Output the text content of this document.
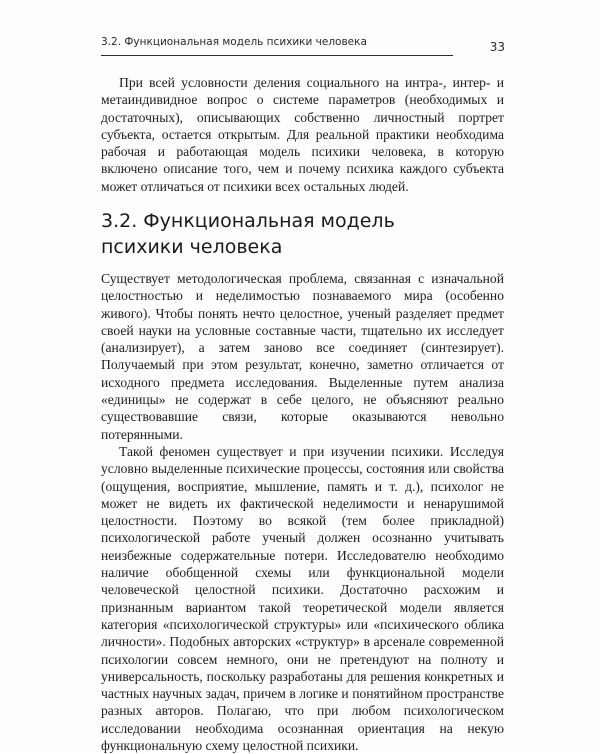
3.2. Функциональная модель психики человека	33

При всей условности деления социального на интра-, интер- и метаиндивидное вопрос о системе параметров (необходимых и достаточных), описывающих собственно личностный портрет субъекта, остается открытым. Для реальной практики необходима рабочая и работающая модель психики человека, в которую включено описание того, чем и почему психика каждого субъекта может отличаться от психики всех остальных людей.

3.2. Функциональная модель
психики человека

Существует методологическая проблема, связанная с изначальной целостностью и неделимостью познаваемого мира (особенно живого). Чтобы понять нечто целостное, ученый разделяет предмет своей науки на условные составные части, тщательно их исследует (анализирует), а затем заново все соединяет (синтезирует). Получаемый при этом результат, конечно, заметно отличается от исходного предмета исследования. Выделенные путем анализа «единицы» не содержат в себе целого, не объясняют реально существовавшие связи, которые оказываются невольно потерянными.

Такой феномен существует и при изучении психики. Исследуя условно выделенные психические процессы, состояния или свойства (ощущения, восприятие, мышление, память и т. д.), психолог не может не видеть их фактической неделимости и ненарушимой целостности. Поэтому во всякой (тем более прикладной) психологической работе ученый должен осознанно учитывать неизбежные содержательные потери. Исследователю необходимо наличие обобщенной схемы или функциональной модели человеческой целостной психики. Достаточно расхожим и признанным вариантом такой теоретической модели является категория «психологической структуры» или «психического облика личности». Подобных авторских «структур» в арсенале современной психологии совсем немного, они не претендуют на полноту и универсальность, поскольку разработаны для решения конкретных и частных научных задач, причем в логике и понятийном пространстве разных авторов. Полагаю, что при любом психологическом исследовании необходима осознанная ориентация на некую функциональную схему целостной психики.
